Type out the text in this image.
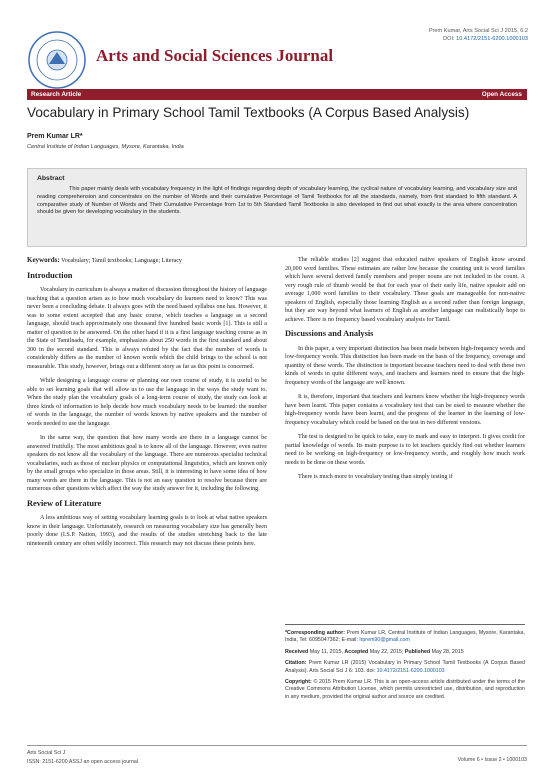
Arts and Social Sciences Journal
Prem Kumar, Arts Social Sci J 2015, 6:2
DOI: 10.4172/2151-6200.1000103
Research Article	Open Access
Vocabulary in Primary School Tamil Textbooks (A Corpus Based Analysis)
Prem Kumar LR*
Central Institute of Indian Languages, Mysore, Karantaka, India
Abstract

This paper mainly deals with vocabulary frequency in the light of findings regarding depth of vocabulary learning, the cyclical nature of vocabulary learning, and vocabulary size and reading comprehension and concentrates on the number of Words and their cumulative Percentage of Tamil Textbooks for all the standards, namely, from first standard to fifth standard. A comparative study of Number of Words and Their Cumulative Percentage from 1st to 5th Standard Tamil Textbooks is also developed to find out what exactly is the area where concentration should be given for developing vocabulary in the students.

Keywords: Vocabulary; Tamil textbooks; Language; Literacy

Introduction

Vocabulary in curriculum is always a matter of discussion throughout the history of language teaching that a question arises as to how much vocabulary do learners need to know? This was never been a concluding debate. It always goes with the need based syllabus one has. However, it was to some extent accepted that any basic course, which teaches a language as a second language, should teach approximately one thousand five hundred basic words [1]. This is still a matter of question to be answered. On the other hand if it is a first language teaching course as in the State of Tamilnadu, for example, emphasizes about 250 words in the first standard and about 300 in the second standard. This is always refuted by the fact that the number of words is considerably differs as the number of known words which the child brings to the school is not measurable. This study, however, brings out a different story as far as this point is concerned.

While designing a language course or planning our own course of study, it is useful to be able to set learning goals that will allow us to use the language in the ways the study want to. When the study plan the vocabulary goals of a long-term course of study, the study can look at three kinds of information to help decide how much vocabulary needs to be learned: the number of words in the language, the number of words known by native speakers and the number of words needed to use the language.

In the same way, the question that how many words are there in a language cannot be answered fruitfully. The most ambitious goal is to know all of the language. However, even native speakers do not know all the vocabulary of the language. There are numerous specialist technical vocabularies, such as those of nuclear physics or computational linguistics, which are known only by the small groups who specialize in those areas. Still, it is interesting to have some idea of how many words are there in the language. This is not an easy question to resolve because there are numerous other questions which affect the way the study answer for it, including the following.

Review of Literature

A less ambitious way of setting vocabulary learning goals is to look at what native speakers know in their language. Unfortunately, research on measuring vocabulary size has generally been poorly done (I.S.P. Nation, 1993), and the results of the studies stretching back to the late nineteenth century are often wildly incorrect. This research may not discuss these points here.

The reliable studies [2] suggest that educated native speakers of English know around 20,000 word families. These estimates are rather low because the counting unit is word families which have several derived family members and proper nouns are not included in the count. A very rough rule of thumb would be that for each year of their early life, native speaker add on average 1,000 word families to their vocabulary. These goals are manageable for non-native speakers of English, especially those learning English as a second rather than foreign language, but they are way beyond what learners of English as another language can realistically hope to achieve. There is no frequency based vocabulary analysis for Tamil.

Discussions and Analysis

In this paper, a very important distinction has been made between high-frequency words and low-frequency words. This distinction has been made on the basis of the frequency, coverage and quantity of these words. The distinction is important because teachers need to deal with these two kinds of words in quite different ways, and teachers and learners need to ensure that the high-frequency words of the language are well known.

It is, therefore, important that teachers and learners know whether the high-frequency words have been learnt. This paper contains a vocabulary test that can be used to measure whether the high-frequency words have been learnt, and the progress of the learner in the learning of low-frequency vocabulary which could be based on the test in two different versions.

The test is designed to be quick to take, easy to mark and easy to interpret. It gives credit for partial knowledge of words. Its main purpose is to let teachers quickly find out whether learners need to be working on high-frequency or low-frequency words, and roughly how much work needs to be done on these words.

There is much more to vocabulary testing than simply testing if

*Corresponding author: Prem Kumar LR, Central Institute of Indian Languages, Mysore, Karantaka, India, Tel: 6095047362; E-mail: lrprem90@gmail.com

Received May 11, 2015, Accepted May 22, 2015; Published May 28, 2015

Citation: Prem Kumar LR (2015) Vocabulary in Primary School Tamil Textbooks (A Corpus Based Analysis). Arts Social Sci J 6: 103. doi: 10.4172/2151-6200.1000103

Copyright: © 2015 Prem Kumar LR. This is an open-access article distributed under the terms of the Creative Commons Attribution License, which permits unrestricted use, distribution, and reproduction in any medium, provided the original author and source are credited.

Arts Social Sci J
ISSN: 2151-6200 ASSJ an open access journal	Volume 6 • Issue 2 • 1000103
